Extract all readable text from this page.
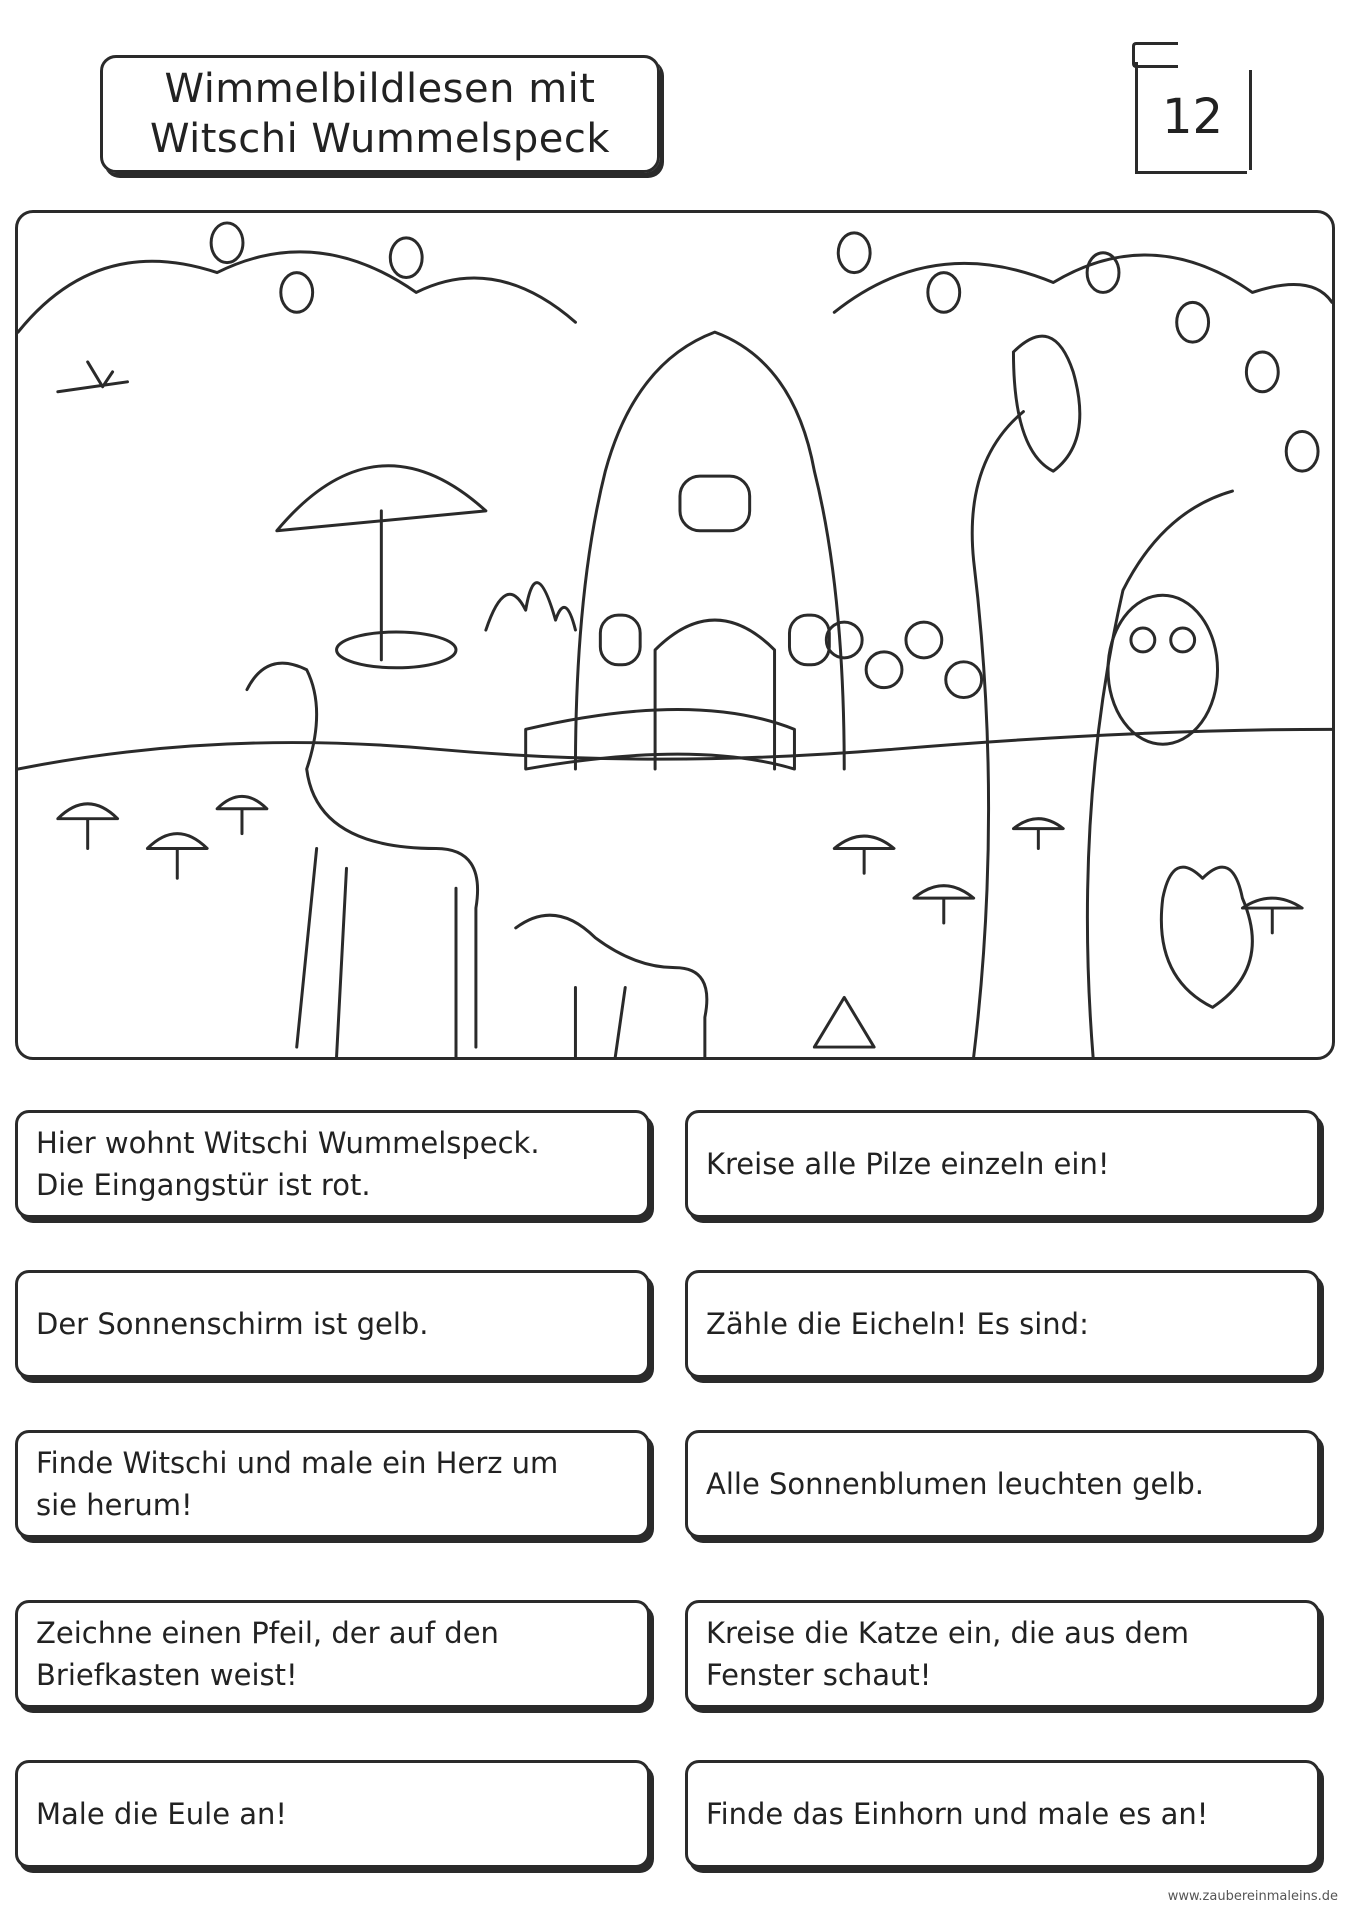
Wimmelbildlesen mit
Witschi Wummelspeck	12
Hier wohnt Witschi Wummelspeck.
Die Eingangstür ist rot.
Der Sonnenschirm ist gelb.
Finde Witschi und male ein Herz um
sie herum!
Zeichne einen Pfeil, der auf den
Briefkasten weist!
Male die Eule an!
Kreise alle Pilze einzeln ein!
Zähle die Eicheln! Es sind:
Alle Sonnenblumen leuchten gelb.
Kreise die Katze ein, die aus dem
Fenster schaut!
Finde das Einhorn und male es an!
www.zaubereinmaleins.de
